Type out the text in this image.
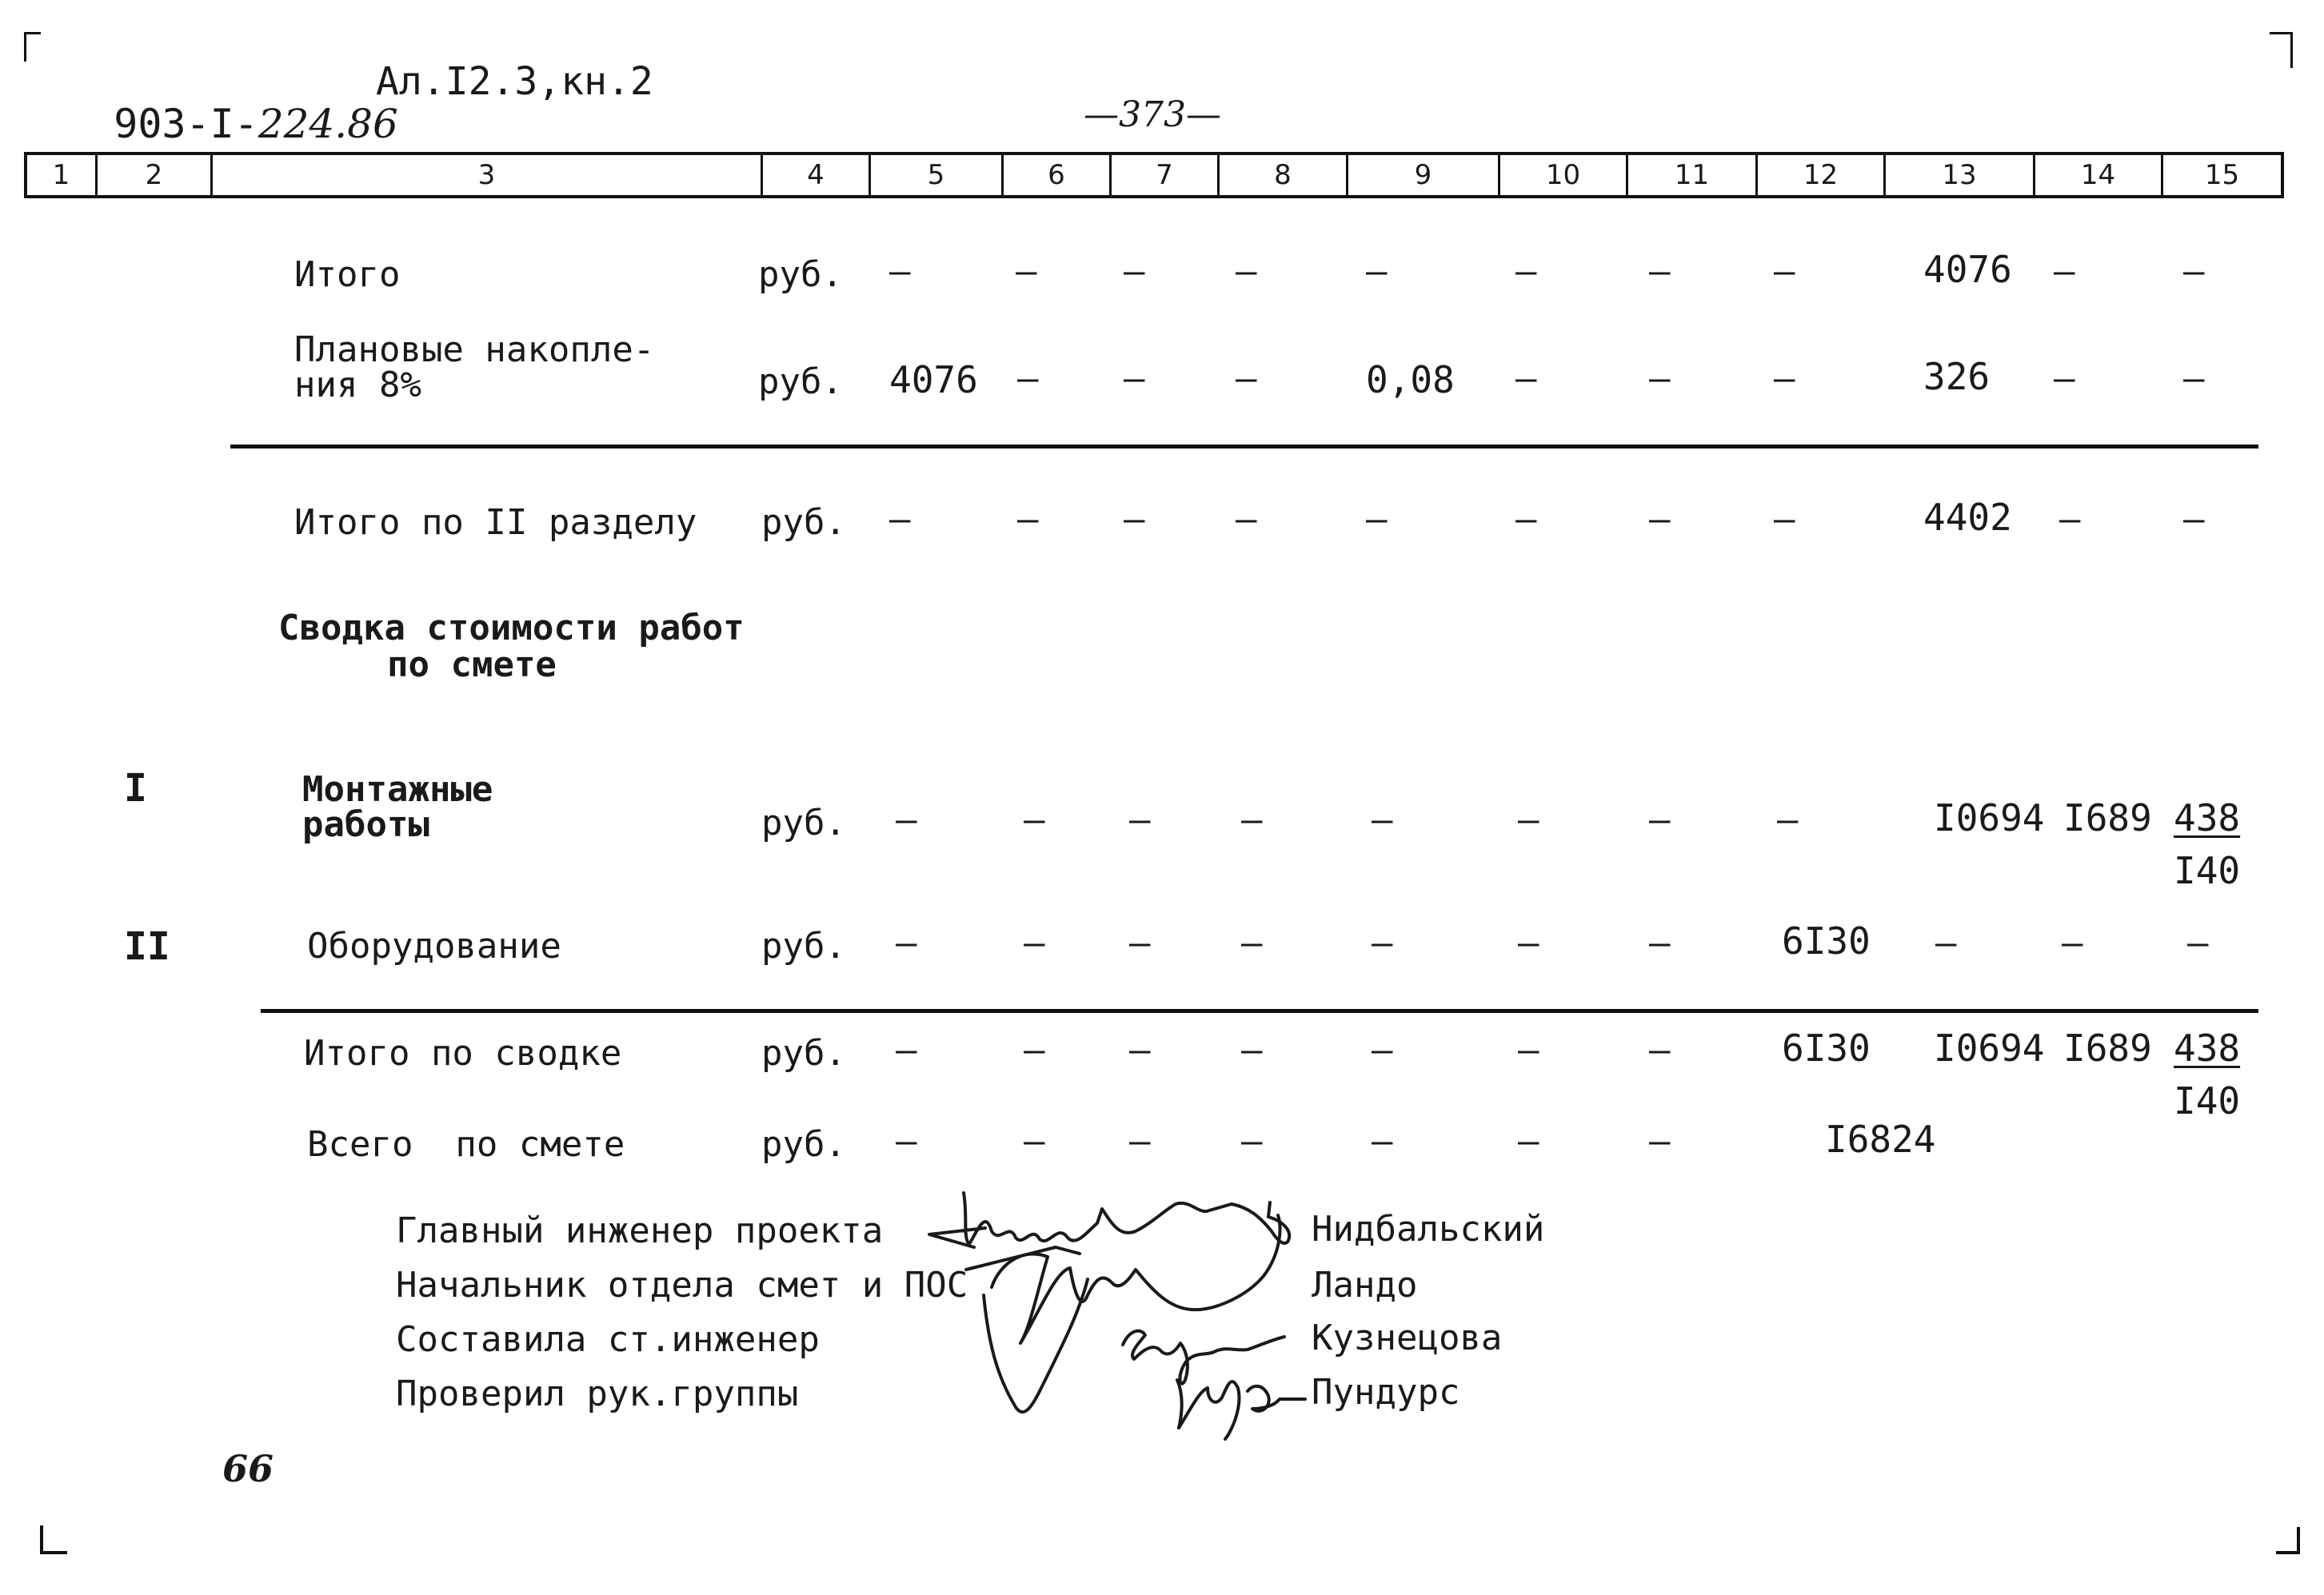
903-I-224.86

Ал.I2.3,кн.2
—373—
1	2	3	4	5	6	7	8	9	10	11	12	13	14	15
Итого	руб. –	– –	–	–	–	–	–	4076 –	–
Плановые накопле-
ния 8%	руб. 4076 – –	–	0,08 –	–	–	326 –	–
Итого по II разделу руб. –	– –	–	–	–	–	–	4402 –	–
Сводка стоимости работ
по смете
I	Монтажные
работы	руб. –	– –	–	–	–	–	–	I0694 I689 438
I40
II	Оборудование	руб. –	– –	–	–	–	–	6I30 –	–	–
Итого по сводке	руб. –	– –	–	–	–	–	6I30 I0694 I689 438
I40
Всего  по смете	руб. –	– –	–	–	–	–	I6824
Главный инженер проекта	Нидбальский
Начальник отдела смет и ПОС	Ландо
Составила ст.инженер	Кузнецова
Проверил рук.группы	Пундурс
66
